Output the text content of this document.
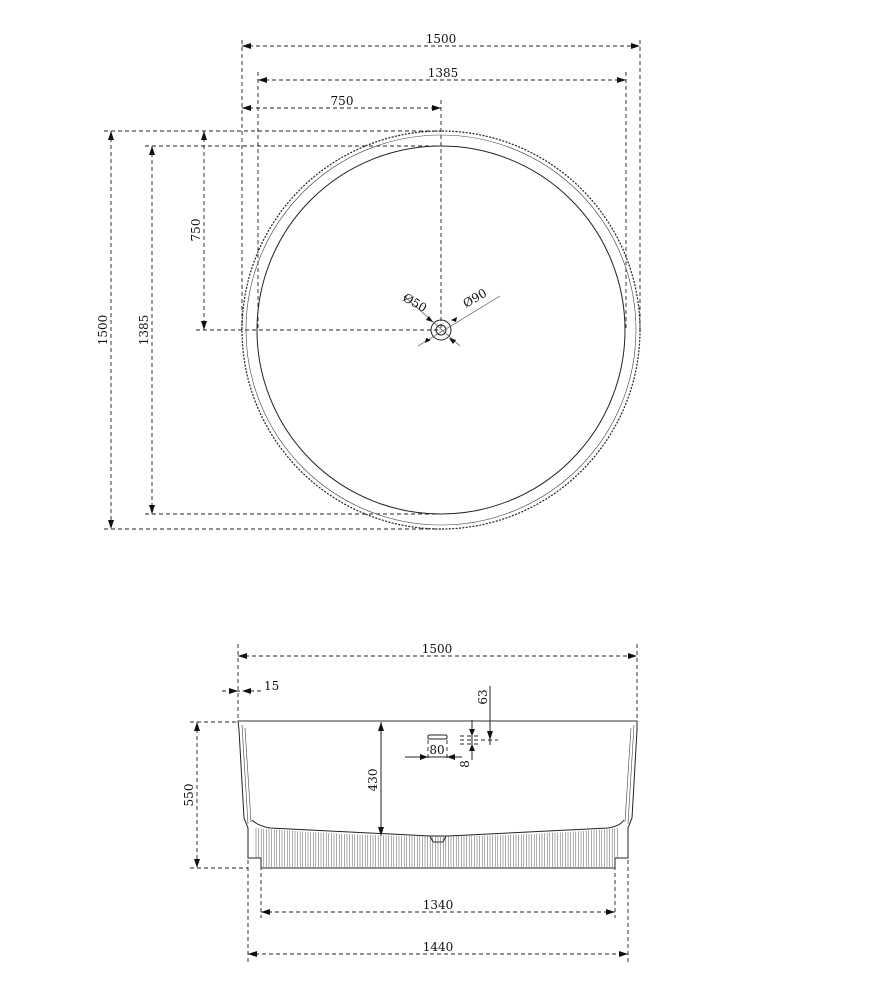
1500
1385
750
1500 1385
750
Ø50	Ø90
1500
15
550
430
63
8
80
1340
1440
